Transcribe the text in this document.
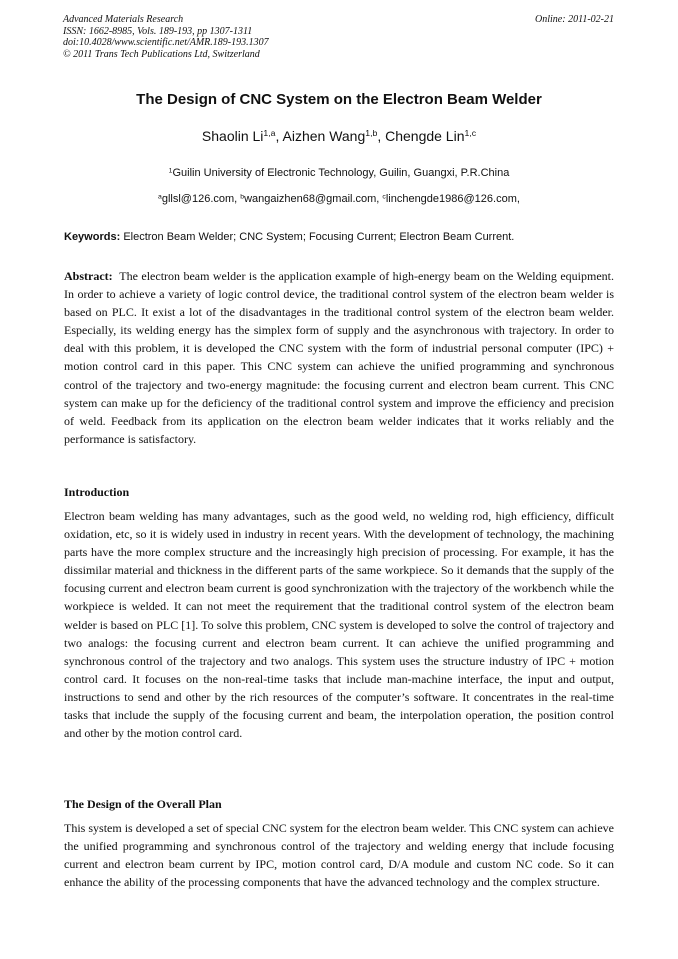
Advanced Materials Research
ISSN: 1662-8985, Vols. 189-193, pp 1307-1311
doi:10.4028/www.scientific.net/AMR.189-193.1307
© 2011 Trans Tech Publications Ltd, Switzerland
Online: 2011-02-21
The Design of CNC System on the Electron Beam Welder
Shaolin Li$^{1,a}$, Aizhen Wang$^{1,b}$, Chengde Lin$^{1,c}$
$^1$Guilin University of Electronic Technology, Guilin, Guangxi, P.R.China
$^a$gllsl@126.com, $^b$wangaizhen68@gmail.com, $^c$linchengde1986@126.com,
Keywords: Electron Beam Welder; CNC System; Focusing Current; Electron Beam Current.
Abstract: The electron beam welder is the application example of high-energy beam on the Welding equipment. In order to achieve a variety of logic control device, the traditional control system of the electron beam welder is based on PLC. It exist a lot of the disadvantages in the traditional control system of the electron beam welder. Especially, its welding energy has the simplex form of supply and the asynchronous with trajectory. In order to deal with this problem, it is developed the CNC system with the form of industrial personal computer (IPC) + motion control card in this paper. This CNC system can achieve the unified programming and synchronous control of the trajectory and two-energy magnitude: the focusing current and electron beam current. This CNC system can make up for the deficiency of the traditional control system and improve the efficiency and precision of weld. Feedback from its application on the electron beam welder indicates that it works reliably and the performance is satisfactory.
Introduction
Electron beam welding has many advantages, such as the good weld, no welding rod, high efficiency, difficult oxidation, etc, so it is widely used in industry in recent years. With the development of technology, the machining parts have the more complex structure and the increasingly high precision of processing. For example, it has the dissimilar material and thickness in the different parts of the same workpiece. So it demands that the supply of the focusing current and electron beam current is good synchronization with the trajectory of the workbench while the workpiece is welded. It can not meet the requirement that the traditional control system of the electron beam welder is based on PLC [1]. To solve this problem, CNC system is developed to solve the control of trajectory and two analogs: the focusing current and electron beam current. It can achieve the unified programming and synchronous control of the trajectory and two analogs. This system uses the structure industry of IPC + motion control card. It focuses on the non-real-time tasks that include man-machine interface, the input and output, instructions to send and other by the rich resources of the computer’s software. It concentrates in the real-time tasks that include the supply of the focusing current and beam, the interpolation operation, the position control and other by the motion control card.
The Design of the Overall Plan
This system is developed a set of special CNC system for the electron beam welder. This CNC system can achieve the unified programming and synchronous control of the trajectory and welding energy that include focusing current and electron beam current by IPC, motion control card, D/A module and custom NC code. So it can enhance the ability of the processing components that have the advanced technology and the complex structure.
